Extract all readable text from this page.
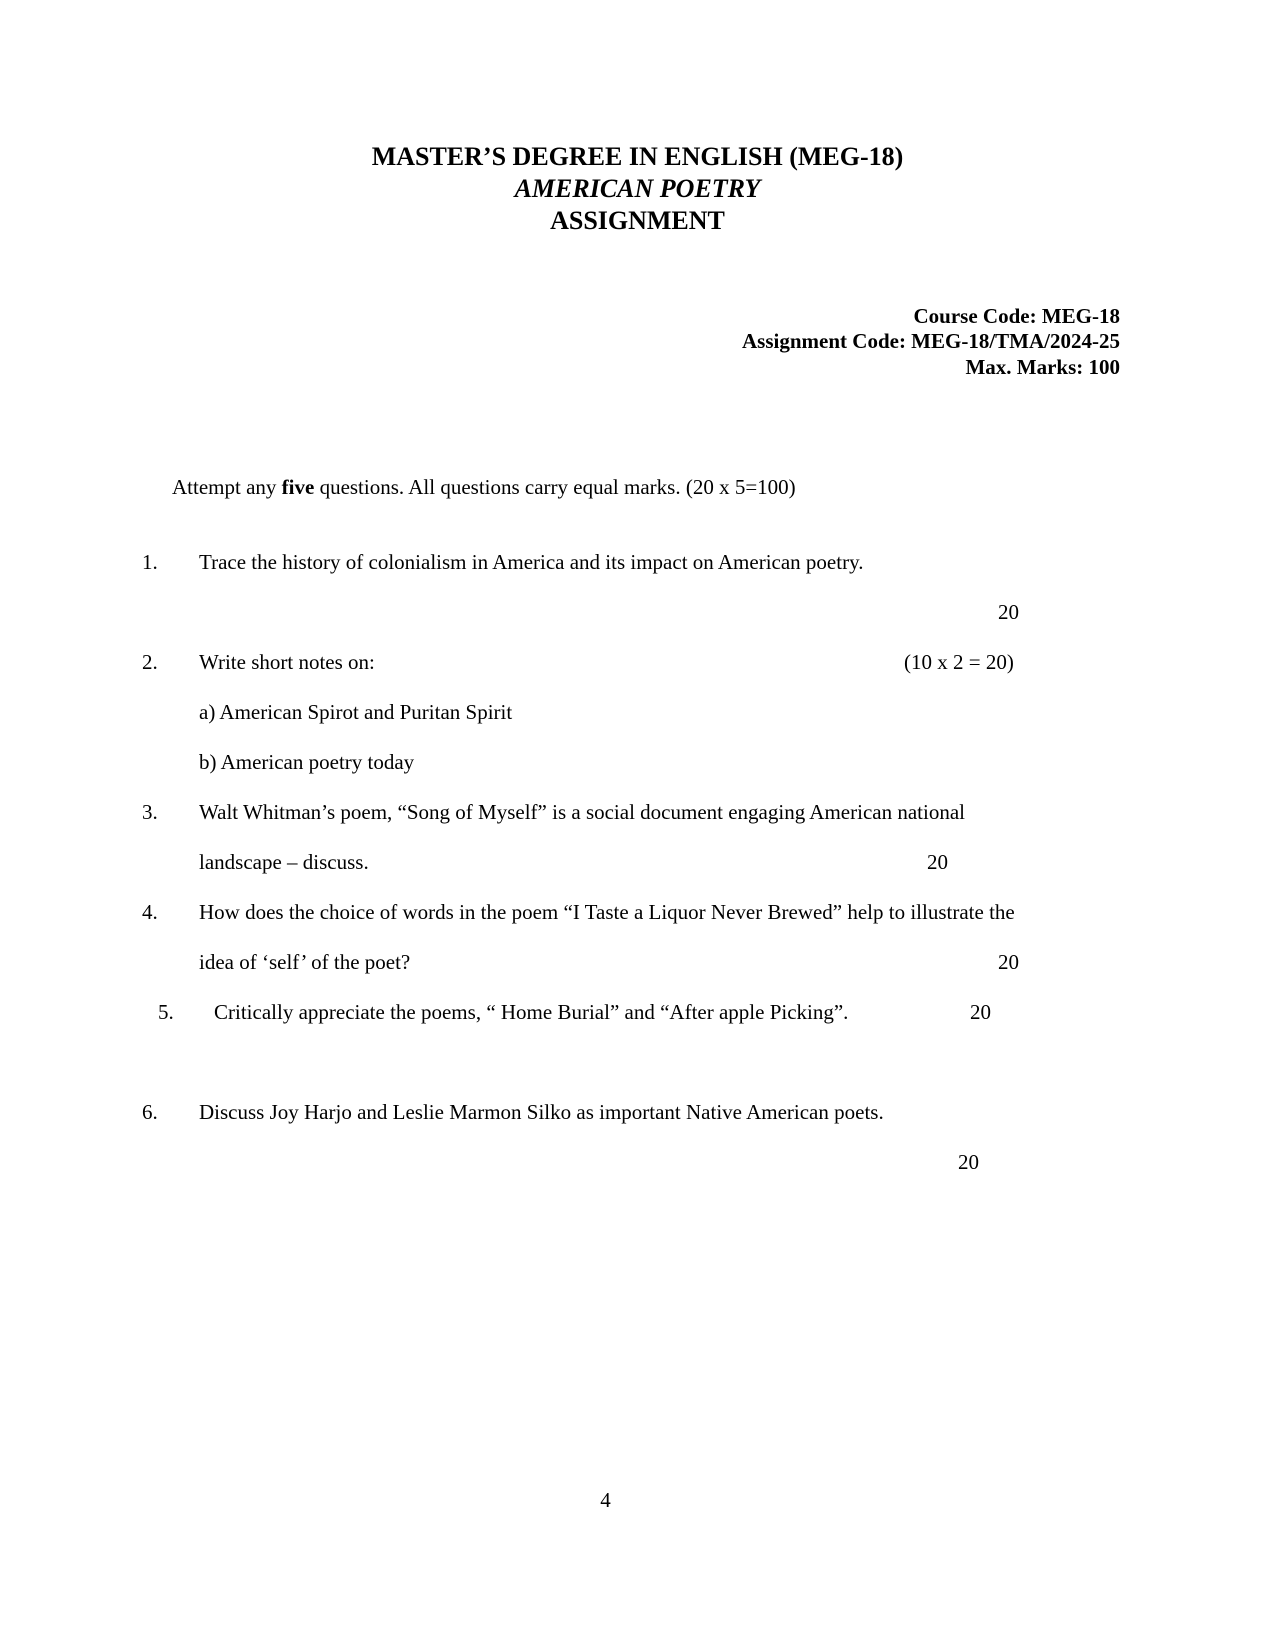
MASTER’S DEGREE IN ENGLISH (MEG-18)
AMERICAN POETRY
ASSIGNMENT
Course Code: MEG-18
Assignment Code: MEG-18/TMA/2024-25
Max. Marks: 100
Attempt any five questions. All questions carry equal marks. (20 x 5=100)
1. Trace the history of colonialism in America and its impact on American poetry.
20
2. Write short notes on:	(10 x 2 = 20)
a) American Spirot and Puritan Spirit
b) American poetry today
3. Walt Whitman’s poem, “Song of Myself” is a social document engaging American national
landscape – discuss.	20
4. How does the choice of words in the poem “I Taste a Liquor Never Brewed” help to illustrate the
idea of ‘self’ of the poet?	20
5. Critically appreciate the poems, “ Home Burial” and “After apple Picking”.	20
6. Discuss Joy Harjo and Leslie Marmon Silko as important Native American poets.
20
4
